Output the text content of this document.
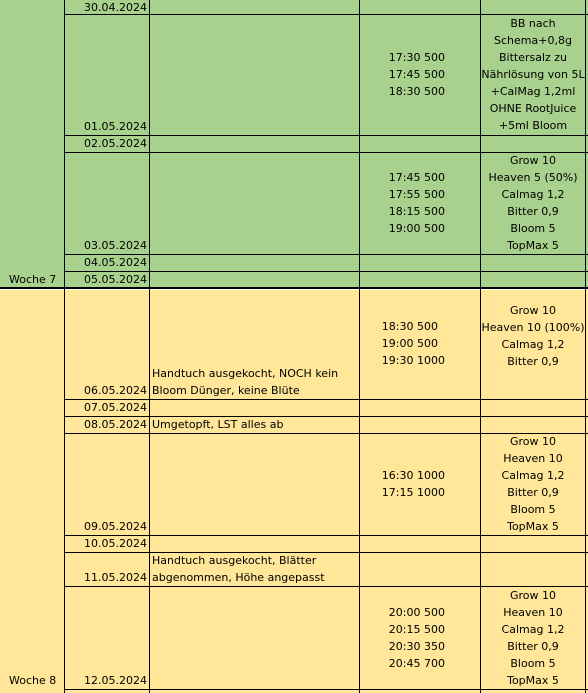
30.04.2024
01.05.2024
17:30 500
17:45 500
18:30 500
BB nach
Schema+0,8g
Bittersalz zu
Nährlösung von 5L
+CalMag 1,2ml
OHNE RootJuice
+5ml Bloom
02.05.2024
03.05.2024
17:45 500
17:55 500
18:15 500
19:00 500
Grow 10
Heaven 5 (50%)
Calmag 1,2
Bitter 0,9
Bloom 5
TopMax 5
04.05.2024
Woche 7	05.05.2024
06.05.2024
Handtuch ausgekocht, NOCH kein
Bloom Dünger, keine Blüte
18:30 500
19:00 500
19:30 1000
Grow 10
Heaven 10 (100%)
Calmag 1,2
Bitter 0,9
07.05.2024
08.05.2024 Umgetopft, LST alles ab
09.05.2024
16:30 1000
17:15 1000
Grow 10
Heaven 10
Calmag 1,2
Bitter 0,9
Bloom 5
TopMax 5
10.05.2024
11.05.2024
Handtuch ausgekocht, Blätter
abgenommen, Höhe angepasst
Woche 8	12.05.2024
20:00 500
20:15 500
20:30 350
20:45 700
Grow 10
Heaven 10
Calmag 1,2
Bitter 0,9
Bloom 5
TopMax 5
